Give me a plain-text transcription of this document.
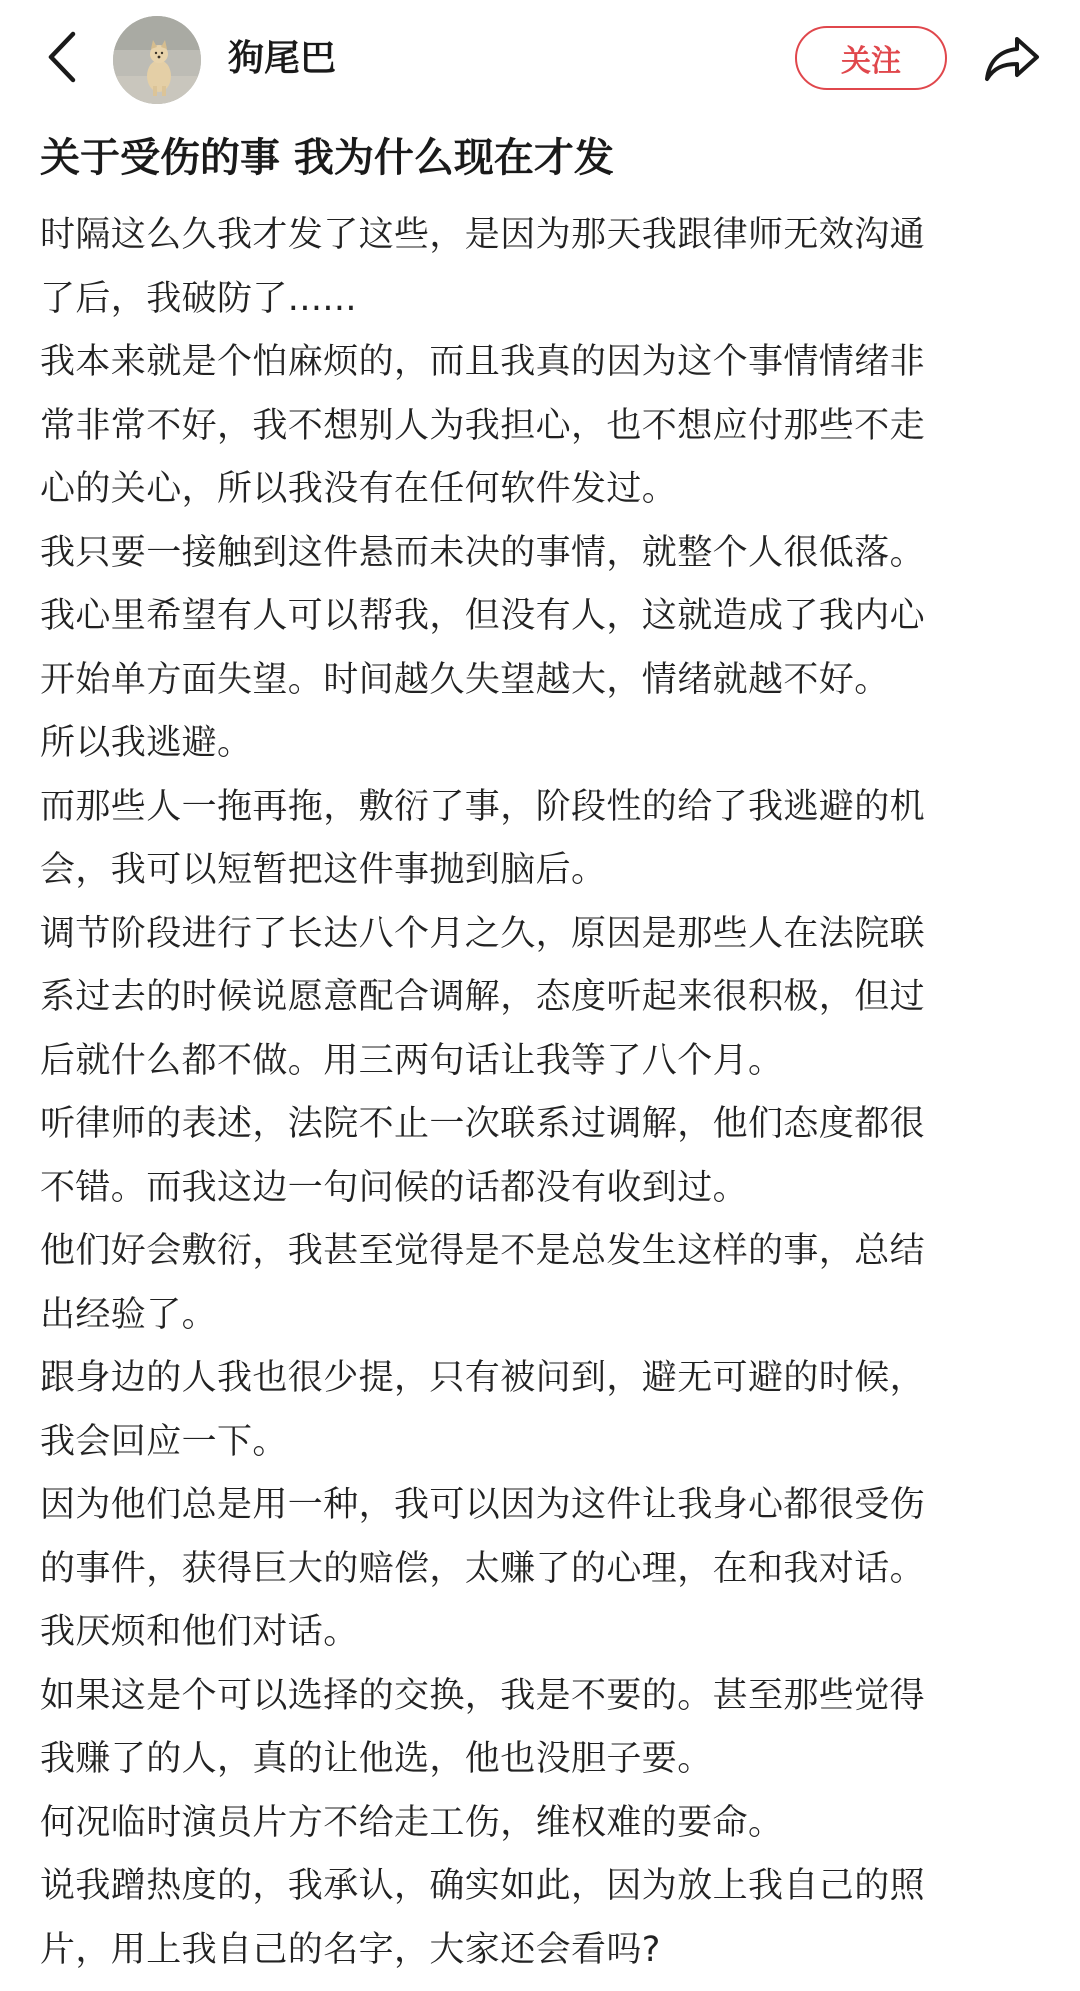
狗尾巴	关注
关于受伤的事 我为什么现在才发
时隔这么久我才发了这些，是因为那天我跟律师无效沟通
了后，我破防了......
我本来就是个怕麻烦的，而且我真的因为这个事情情绪非
常非常不好，我不想别人为我担心，也不想应付那些不走
心的关心，所以我没有在任何软件发过。
我只要一接触到这件悬而未决的事情，就整个人很低落。
我心里希望有人可以帮我，但没有人，这就造成了我内心
开始单方面失望。时间越久失望越大，情绪就越不好。
所以我逃避。
而那些人一拖再拖，敷衍了事，阶段性的给了我逃避的机
会，我可以短暂把这件事抛到脑后。
调节阶段进行了长达八个月之久，原因是那些人在法院联
系过去的时候说愿意配合调解，态度听起来很积极，但过
后就什么都不做。用三两句话让我等了八个月。
听律师的表述，法院不止一次联系过调解，他们态度都很
不错。而我这边一句问候的话都没有收到过。
他们好会敷衍，我甚至觉得是不是总发生这样的事，总结
出经验了。
跟身边的人我也很少提，只有被问到，避无可避的时候，
我会回应一下。
因为他们总是用一种，我可以因为这件让我身心都很受伤
的事件，获得巨大的赔偿，太赚了的心理，在和我对话。
我厌烦和他们对话。
如果这是个可以选择的交换，我是不要的。甚至那些觉得
我赚了的人，真的让他选，他也没胆子要。
何况临时演员片方不给走工伤，维权难的要命。
说我蹭热度的，我承认，确实如此，因为放上我自己的照
片，用上我自己的名字，大家还会看吗?
